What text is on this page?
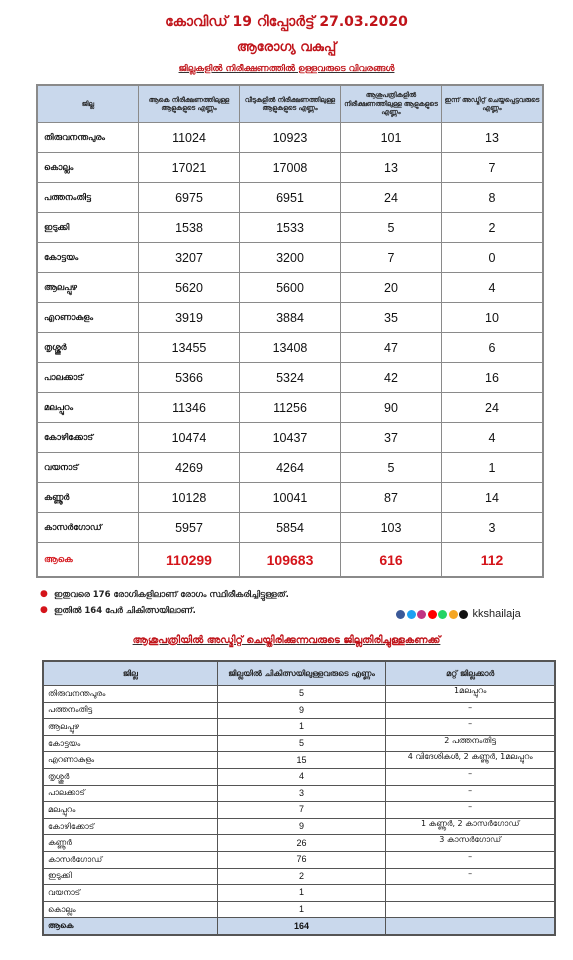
കോവിഡ് 19 റിപ്പോർട്ട് 27.03.2020
ആരോഗ്യ വകുപ്പ്
ജില്ലകളിൽ നിരീക്ഷണത്തിൽ ഉള്ളവരുടെ വിവരങ്ങൾ
ജില്ല	ആകെ നിരീക്ഷണത്തിലുള്ള ആളുകളുടെ എണ്ണം	വീടുകളിൽ നിരീക്ഷണത്തിലുള്ള ആളുകളുടെ എണ്ണം	ആശുപത്രികളിൽ നിരീക്ഷണത്തിലുള്ള ആളുകളുടെ എണ്ണം	ഇന്ന് അഡ്മിറ്റ് ചെയ്യപ്പെട്ടവരുടെ എണ്ണം
തിരുവനന്തപുരം	11024	10923	101	13
കൊല്ലം	17021	17008	13	7
പത്തനംതിട്ട	6975	6951	24	8
ഇടുക്കി	1538	1533	5	2
കോട്ടയം	3207	3200	7	0
ആലപ്പുഴ	5620	5600	20	4
എറണാകുളം	3919	3884	35	10
തൃശ്ശൂർ	13455	13408	47	6
പാലക്കാട്	5366	5324	42	16
മലപ്പുറം	11346	11256	90	24
കോഴിക്കോട്	10474	10437	37	4
വയനാട്	4269	4264	5	1
കണ്ണൂർ	10128	10041	87	14
കാസർഗോഡ്	5957	5854	103	3
ആകെ	110299	109683	616	112
● ഇതുവരെ 176 രോഗികളിലാണ് രോഗം സ്ഥിരീകരിച്ചിട്ടുള്ളത്.
● ഇതിൽ 164 പേർ ചികിത്സയിലാണ്.	kkshailaja
ആശുപത്രിയിൽ അഡ്മിറ്റ് ചെയ്തിരിക്കുന്നവരുടെ ജില്ലതിരിച്ചുള്ളകണക്ക്
ജില്ല	ജില്ലയിൽ ചികിത്സയിലുള്ളവരുടെ എണ്ണം	മറ്റ് ജില്ലക്കാർ
തിരുവനന്തപുരം	5	1മലപ്പുറം
പത്തനംതിട്ട	9	–
ആലപ്പുഴ	1	–
കോട്ടയം	5	2 പത്തനംതിട്ട
എറണാകുളം	15	4 വിദേശികൾ, 2 കണ്ണൂർ, 1മലപ്പുറം
തൃശ്ശൂർ	4	–
പാലക്കാട്	3	–
മലപ്പുറം	7	–
കോഴിക്കോട്	9	1 കണ്ണൂർ, 2 കാസർഗോഡ്
കണ്ണൂർ	26	3 കാസർഗോഡ്
കാസർഗോഡ്	76	–
ഇടുക്കി	2	–
വയനാട്	1	
കൊല്ലം	1	
ആകെ	164	
